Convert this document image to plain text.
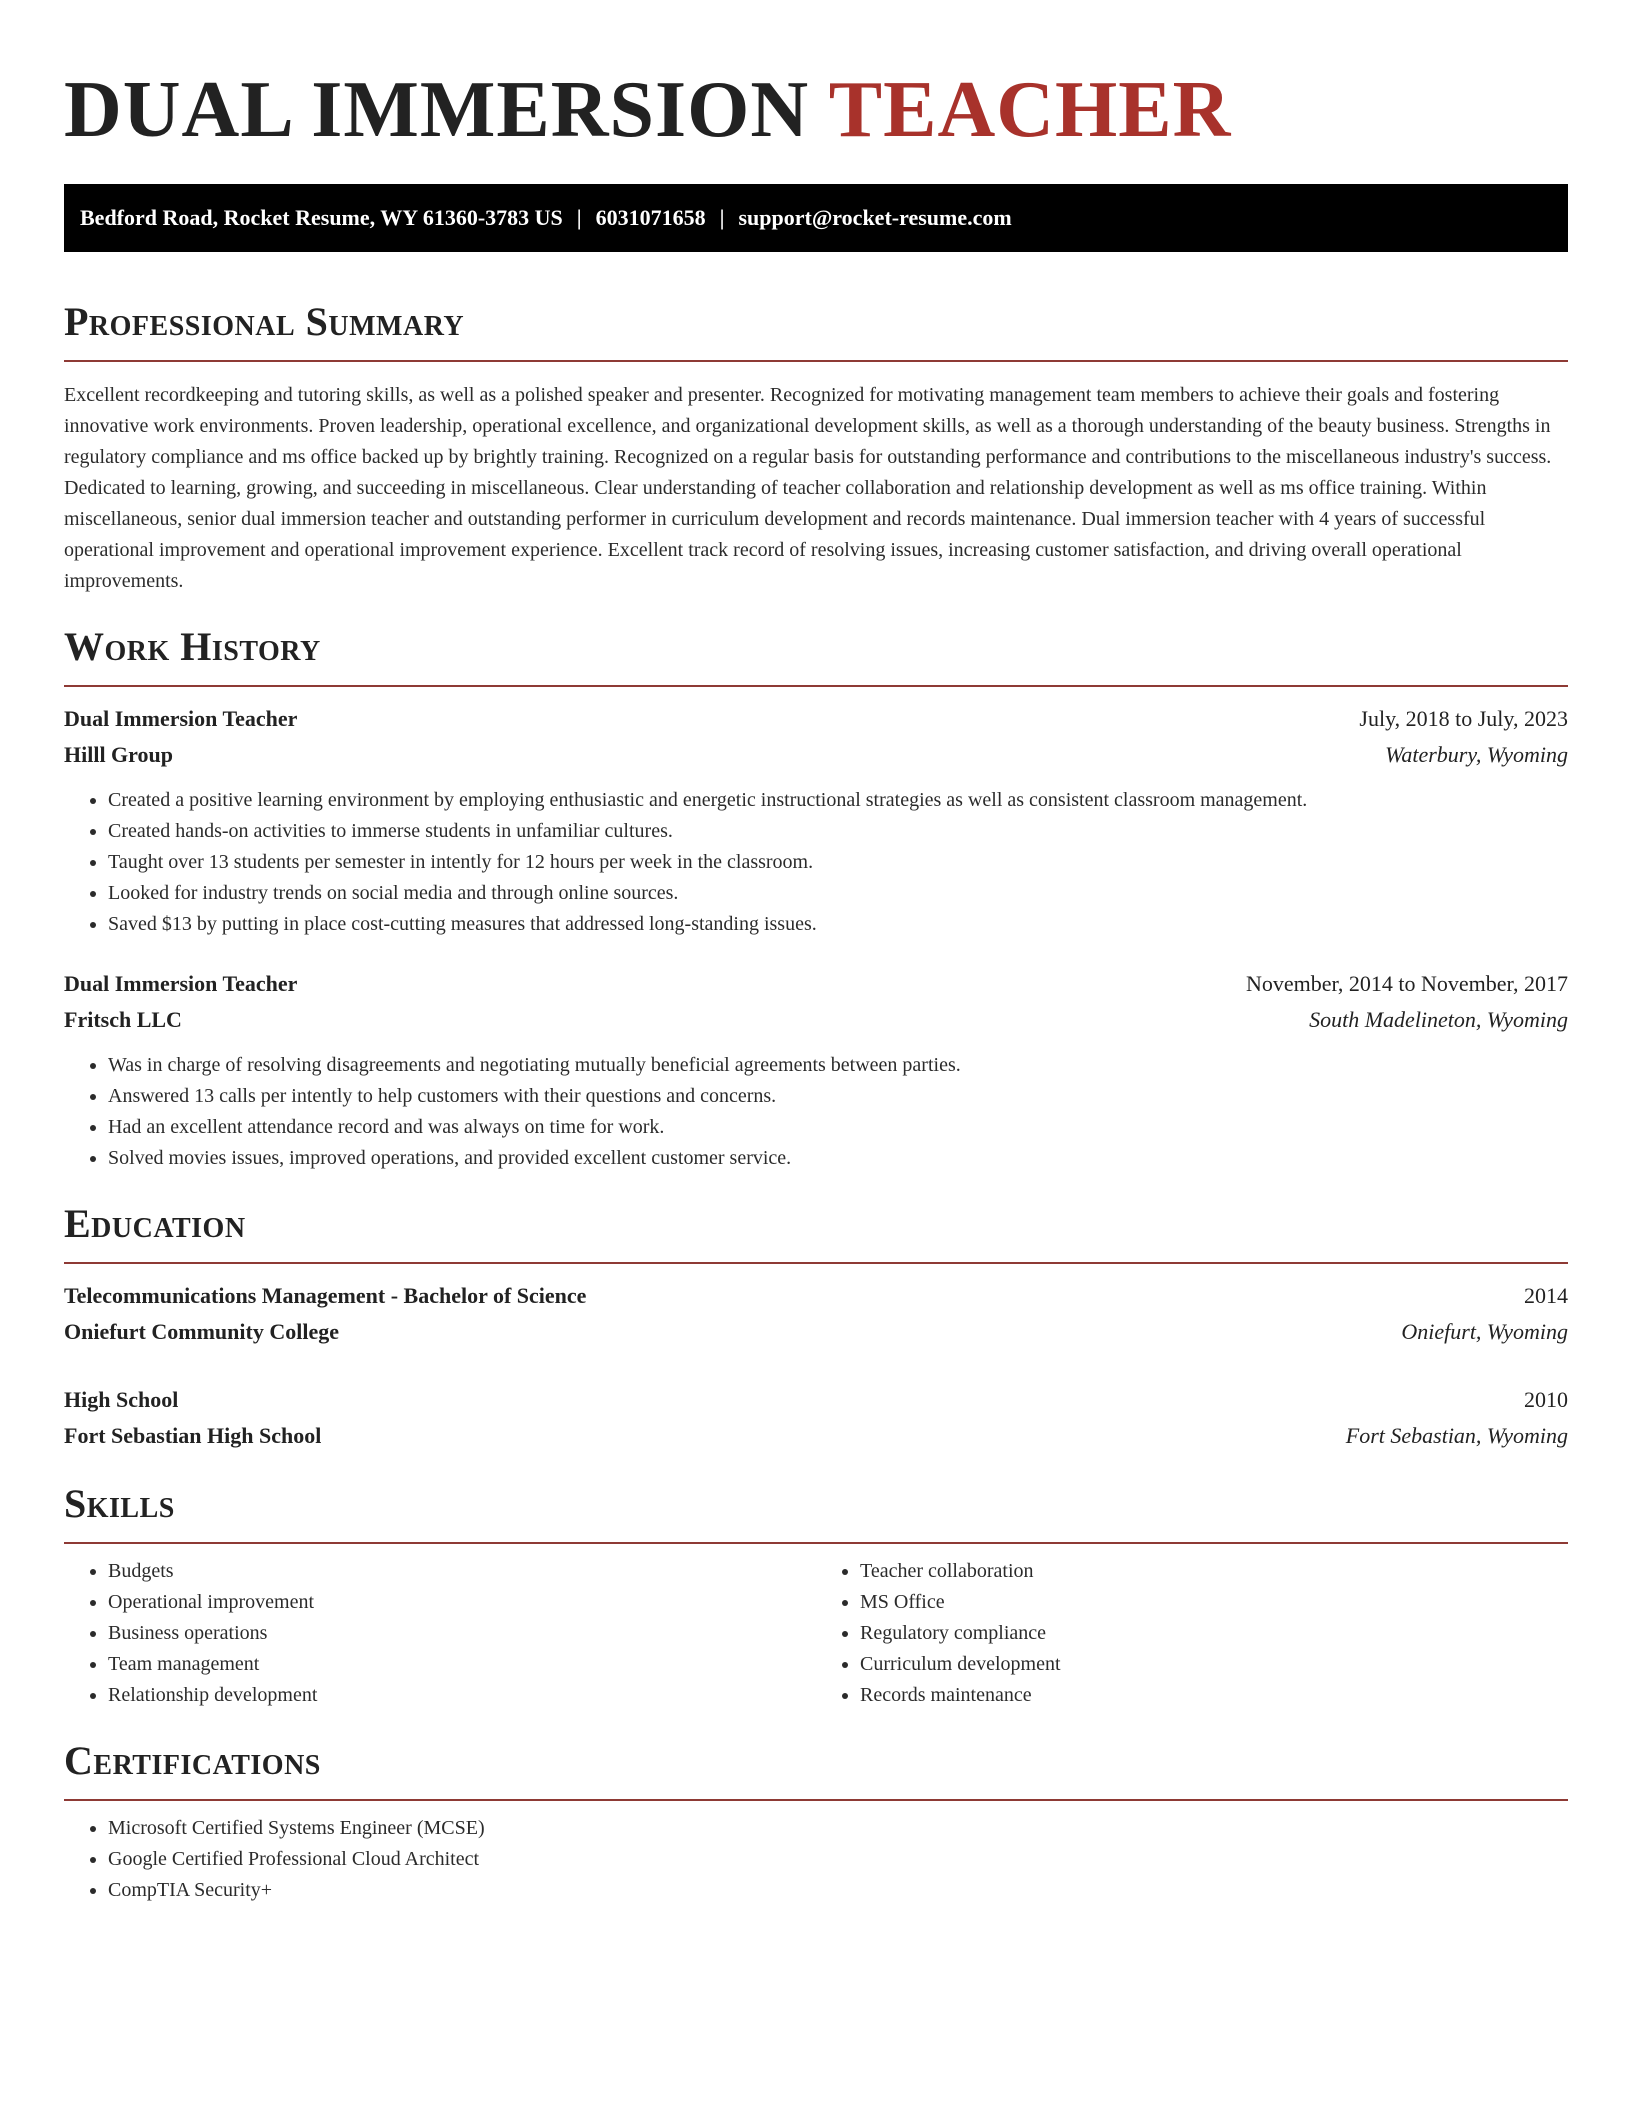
DUAL IMMERSION TEACHER
Bedford Road, Rocket Resume, WY 61360-3783 US | 6031071658 | support@rocket-resume.com
Professional Summary

Excellent recordkeeping and tutoring skills, as well as a polished speaker and presenter. Recognized for motivating management team members to achieve their goals and fostering innovative work environments. Proven leadership, operational excellence, and organizational development skills, as well as a thorough understanding of the beauty business. Strengths in regulatory compliance and ms office backed up by brightly training. Recognized on a regular basis for outstanding performance and contributions to the miscellaneous industry's success. Dedicated to learning, growing, and succeeding in miscellaneous. Clear understanding of teacher collaboration and relationship development as well as ms office training. Within miscellaneous, senior dual immersion teacher and outstanding performer in curriculum development and records maintenance. Dual immersion teacher with 4 years of successful operational improvement and operational improvement experience. Excellent track record of resolving issues, increasing customer satisfaction, and driving overall operational improvements.

Work History
Dual Immersion Teacher	July, 2018 to July, 2023
Hilll Group	Waterbury, Wyoming
• Created a positive learning environment by employing enthusiastic and energetic instructional strategies as well as consistent classroom management.
• Created hands-on activities to immerse students in unfamiliar cultures.
• Taught over 13 students per semester in intently for 12 hours per week in the classroom.
• Looked for industry trends on social media and through online sources.
• Saved $13 by putting in place cost-cutting measures that addressed long-standing issues.
Dual Immersion Teacher	November, 2014 to November, 2017
Fritsch LLC	South Madelineton, Wyoming
• Was in charge of resolving disagreements and negotiating mutually beneficial agreements between parties.
• Answered 13 calls per intently to help customers with their questions and concerns.
• Had an excellent attendance record and was always on time for work.
• Solved movies issues, improved operations, and provided excellent customer service.
Education
Telecommunications Management - Bachelor of Science	2014
Oniefurt Community College	Oniefurt, Wyoming
High School	2010
Fort Sebastian High School	Fort Sebastian, Wyoming
Skills
• Budgets
• Operational improvement
• Business operations
• Team management
• Relationship development
• Teacher collaboration
• MS Office
• Regulatory compliance
• Curriculum development
• Records maintenance
Certifications
• Microsoft Certified Systems Engineer (MCSE)
• Google Certified Professional Cloud Architect
• CompTIA Security+
